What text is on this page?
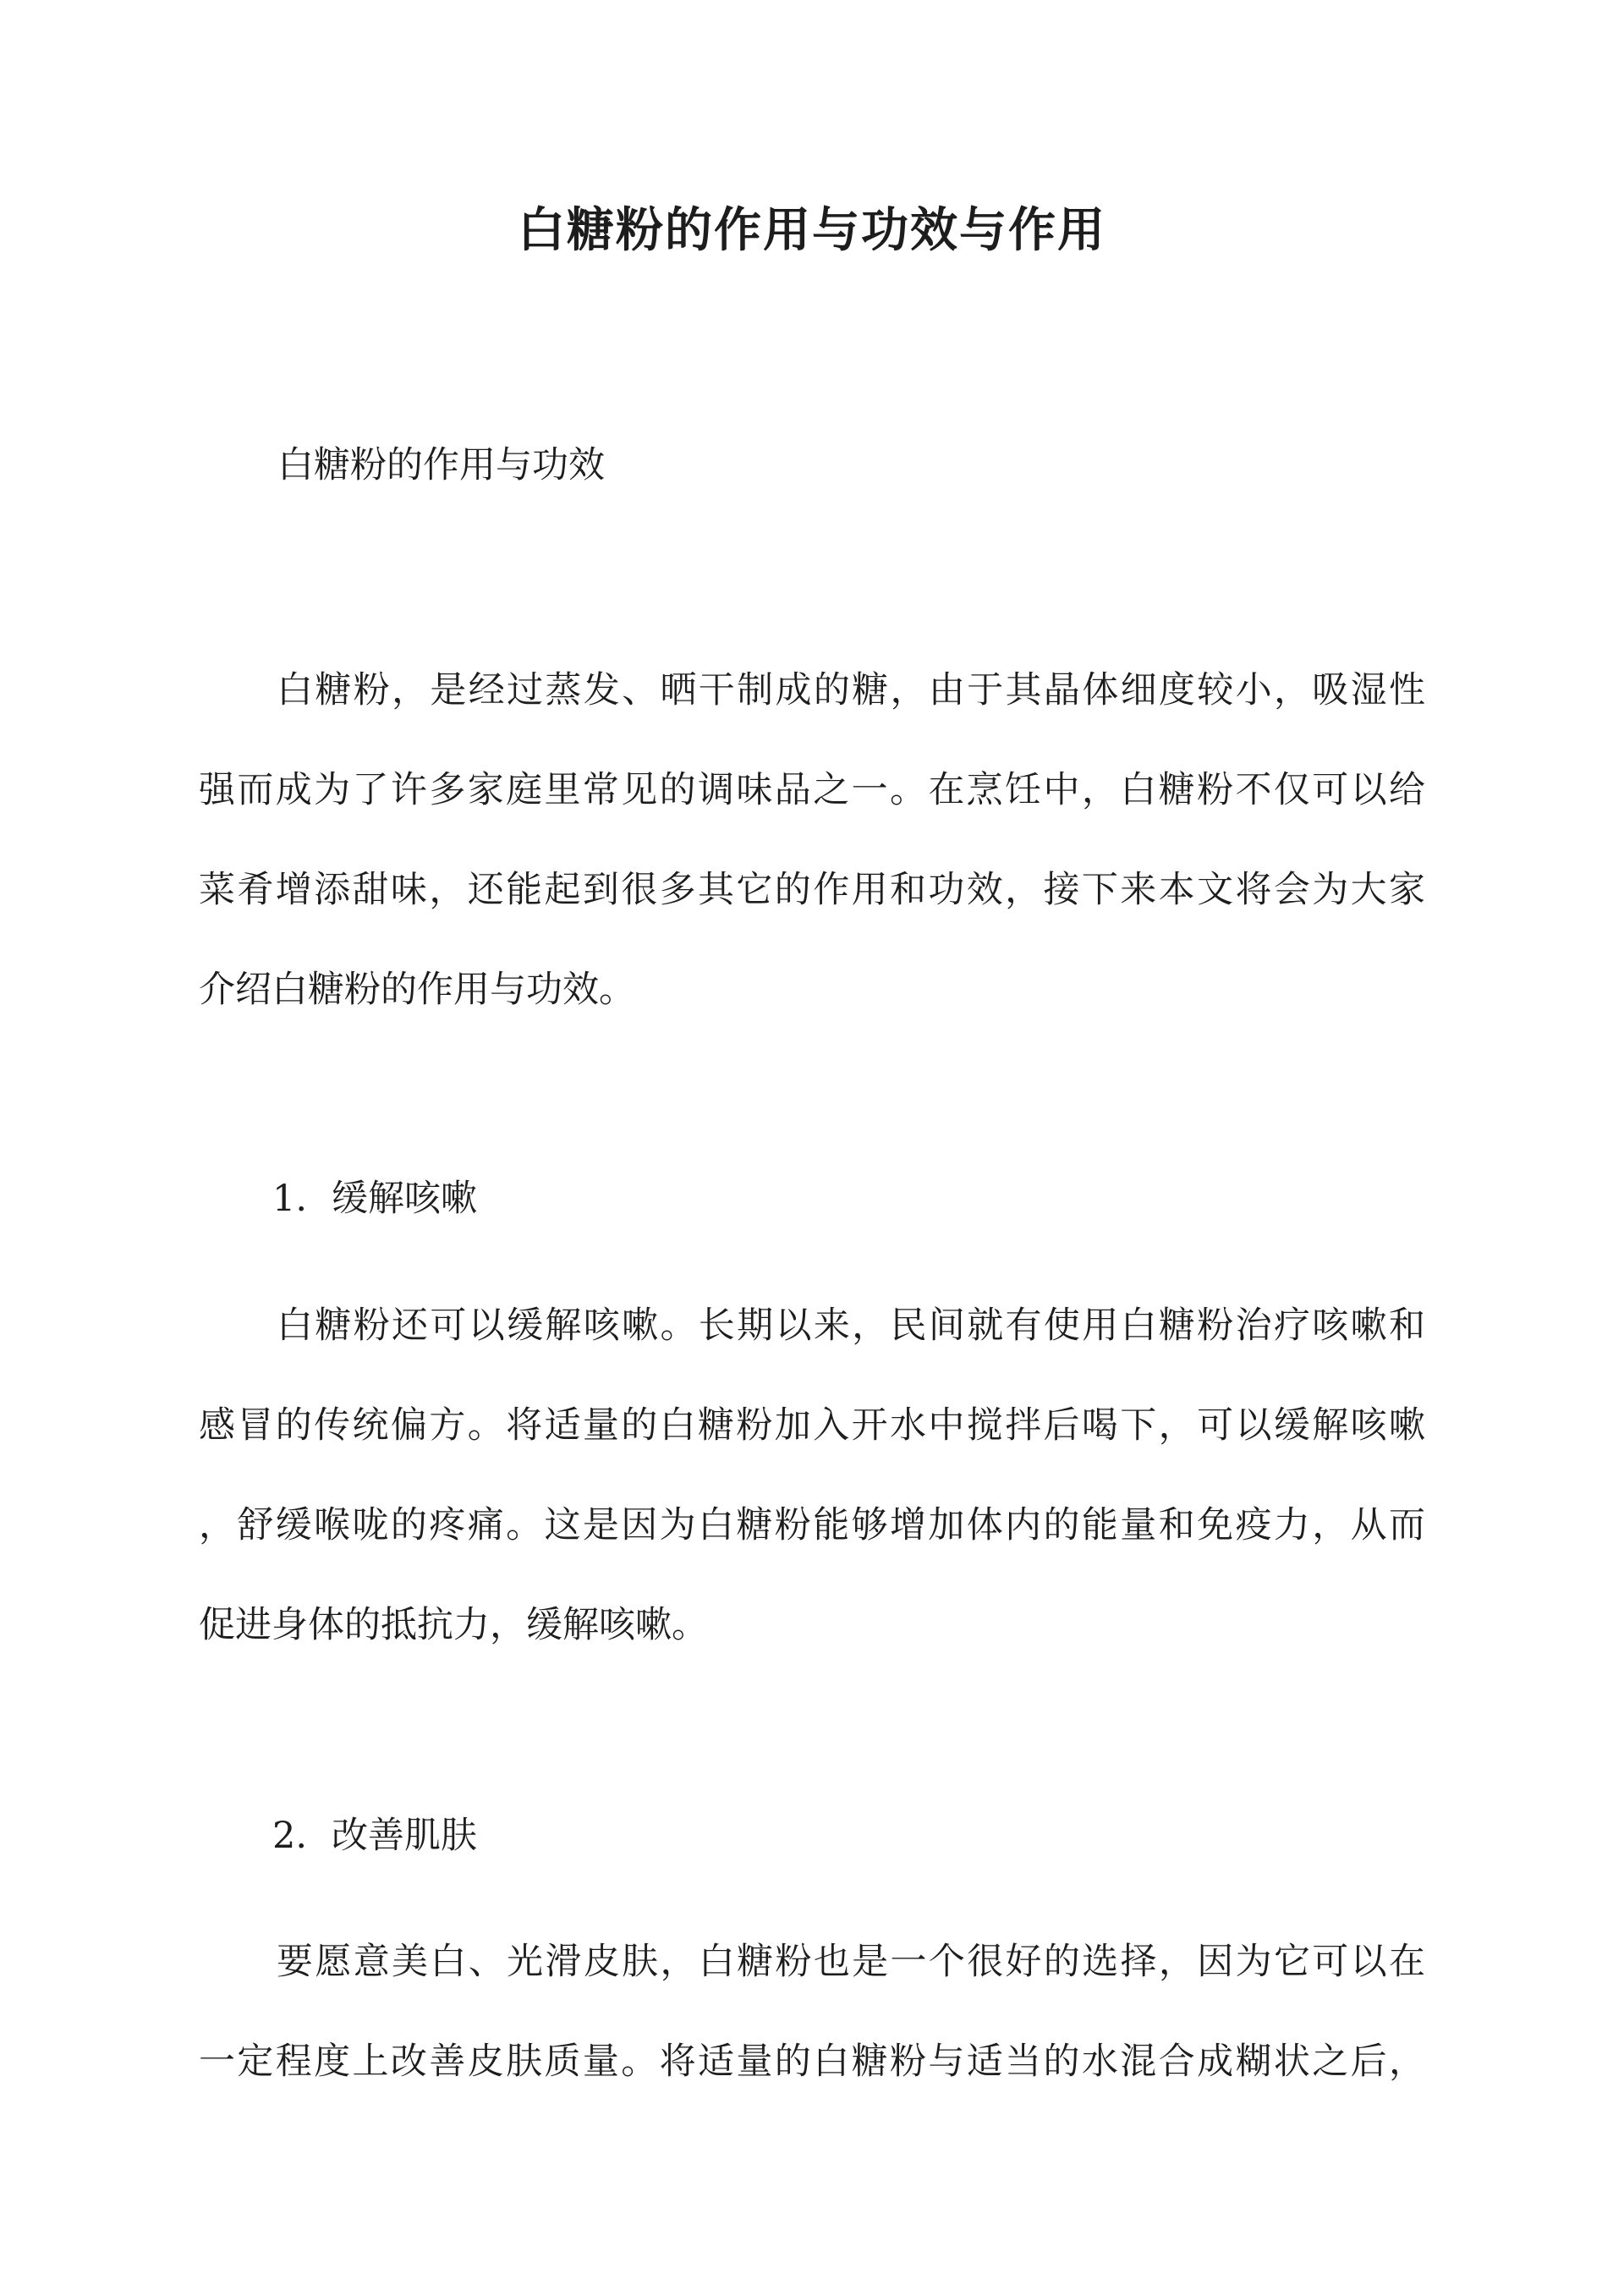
白糖粉的作用与功效与作用
白糖粉的作用与功效
白糖粉，是经过蒸发、晒干制成的糖，由于其晶体细度较小，吸湿性
强而成为了许多家庭里常见的调味品之一。在烹饪中，白糖粉不仅可以给
菜肴增添甜味，还能起到很多其它的作用和功效，接下来本文将会为大家
介绍白糖粉的作用与功效。
1. 缓解咳嗽
白糖粉还可以缓解咳嗽。长期以来，民间就有使用白糖粉治疗咳嗽和
感冒的传统偏方。将适量的白糖粉加入开水中搅拌后喝下，可以缓解咳嗽
，舒缓喉咙的疼痛。这是因为白糖粉能够增加体内的能量和免疫力，从而
促进身体的抵抗力，缓解咳嗽。
2. 改善肌肤
要愿意美白、光滑皮肤，白糖粉也是一个很好的选择，因为它可以在
一定程度上改善皮肤质量。将适量的白糖粉与适当的水混合成糊状之后，
